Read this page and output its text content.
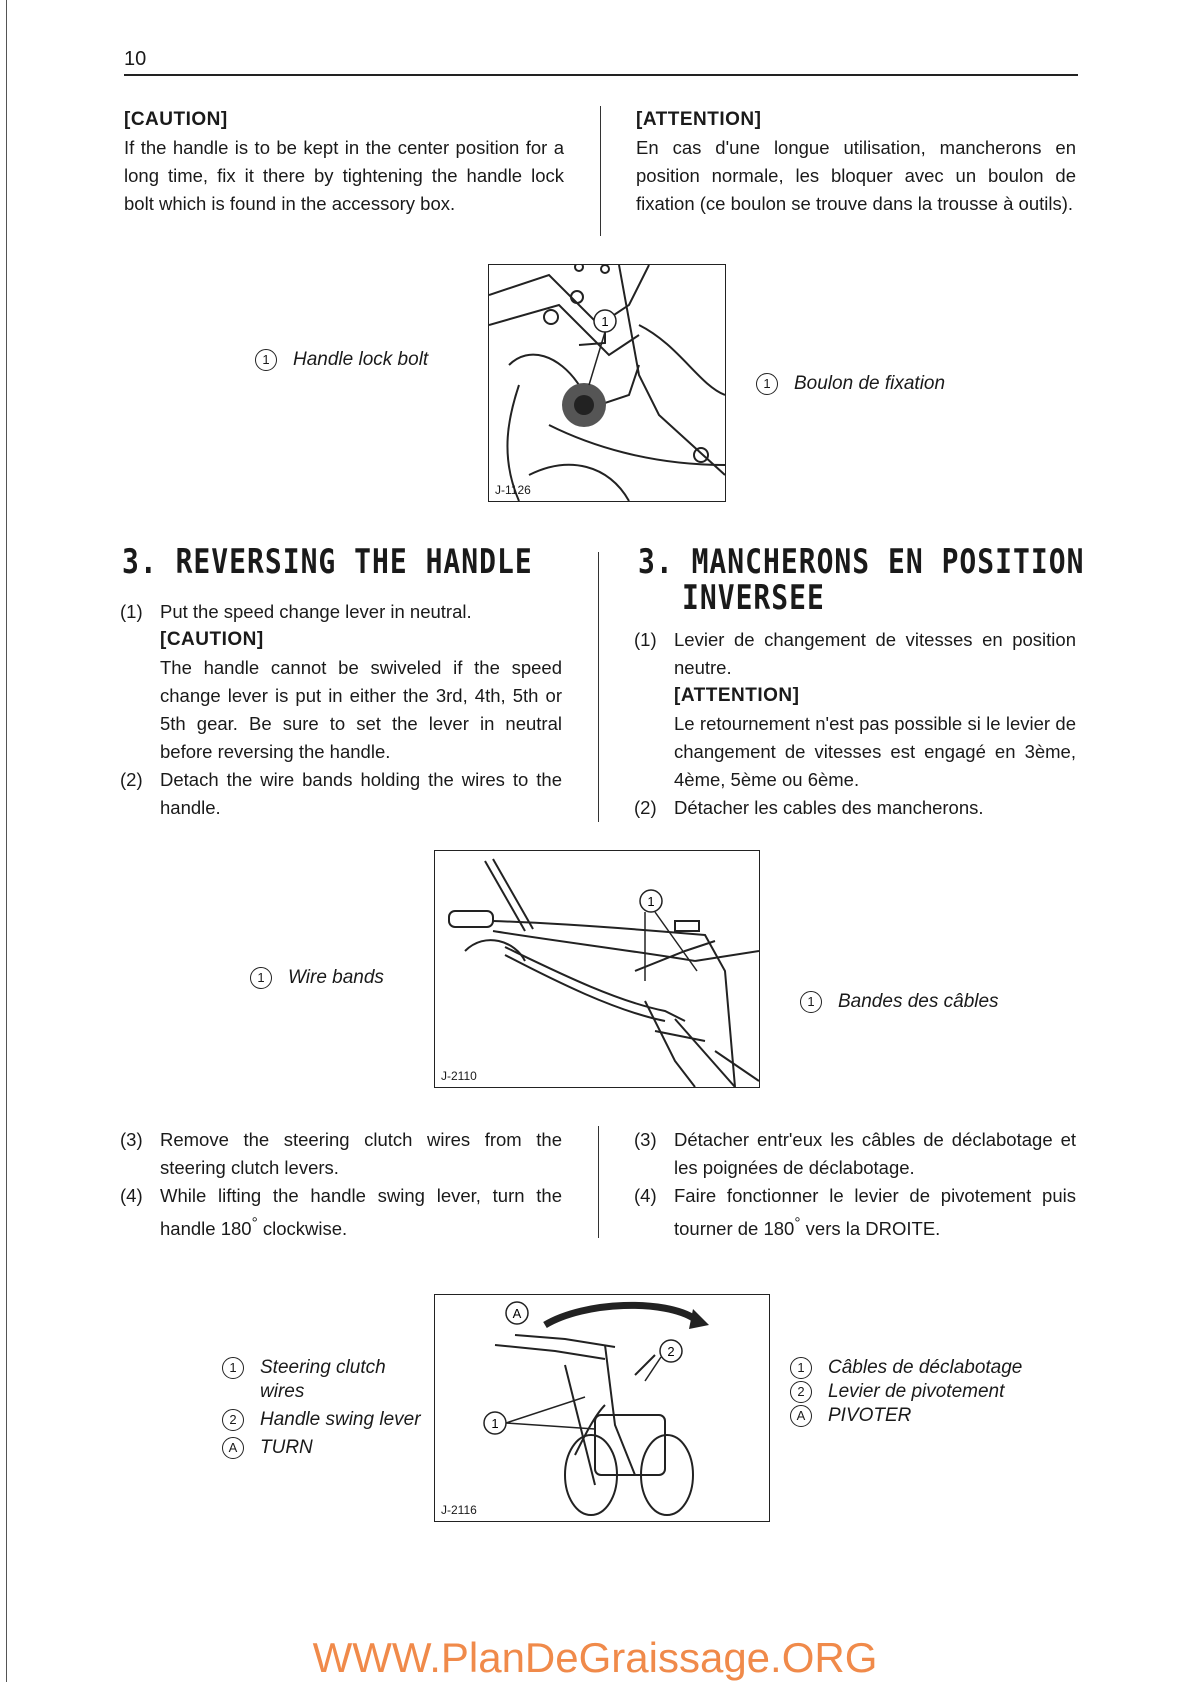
10
[CAUTION]
If the handle is to be kept in the center position for a long time, fix it there by tightening the handle lock bolt which is found in the accessory box.
[ATTENTION]
En cas d'une longue utilisation, mancherons en position normale, les bloquer avec un boulon de fixation (ce boulon se trouve dans la trousse à outils).
1	Handle lock bolt
1
J-1126
1	Boulon de fixation
3. REVERSING THE HANDLE
(1) Put the speed change lever in neutral.
[CAUTION]
The handle cannot be swiveled if the speed change lever is put in either the 3rd, 4th, 5th or 5th gear. Be sure to set the lever in neutral before reversing the handle.
(2) Detach the wire bands holding the wires to the handle.
3. MANCHERONS EN POSITION
INVERSEE
(1) Levier de changement de vitesses en position neutre.
[ATTENTION]
Le retournement n'est pas possible si le levier de changement de vitesses est engagé en 3ème, 4ème, 5ème ou 6ème.
(2) Détacher les cables des mancherons.
1	Wire bands
1
J-2110
1	Bandes des câbles
(3) Remove the steering clutch wires from the steering clutch levers.
(4) While lifting the handle swing lever, turn the handle 180° clockwise.
(3) Détacher entr'eux les câbles de déclabotage et les poignées de déclabotage.
(4) Faire fonctionner le levier de pivotement puis tourner de 180° vers la DROITE.
1	Steering clutch wires
2	Handle swing lever
A	TURN
A
2
1
J-2116
1	Câbles de déclabotage
2	Levier de pivotement
A	PIVOTER
WWW.PlanDeGraissage.ORG
